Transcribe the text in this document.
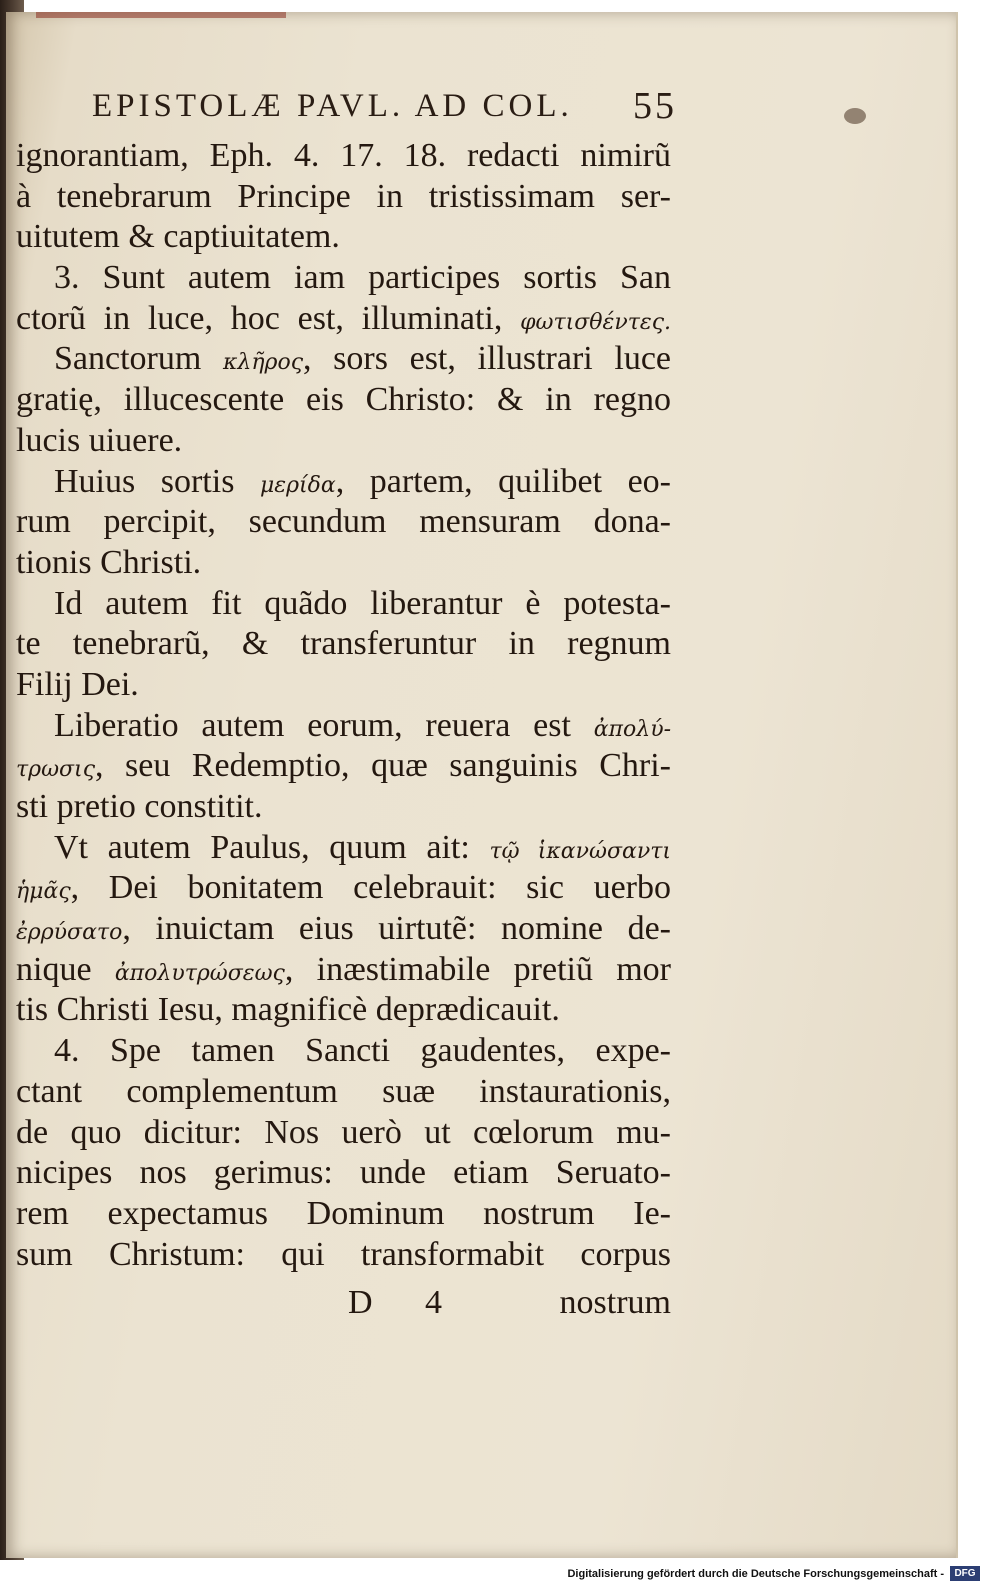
EPISTOLÆ PAVL. AD COL. 55
ignorantiam, Eph. 4. 17. 18. redacti nimirũ
à tenebrarum Principe in tristissimam ser-
uitutem & captiuitatem.
3. Sunt autem iam participes sortis San
ctorũ in luce, hoc est, illuminati, φωτισθέντες.
Sanctorum κλῆρος, sors est, illustrari luce
gratię, illucescente eis Christo: & in regno
lucis uiuere.
Huius sortis μερίδα, partem, quilibet eo-
rum percipit, secundum mensuram dona-
tionis Christi.
Id autem fit quãdo liberantur è potesta-
te tenebrarũ, & transferuntur in regnum
Filij Dei.
Liberatio autem eorum, reuera est ἀπολύ-
τρωσις, seu Redemptio, quæ sanguinis Chri-
sti pretio constitit.
Vt autem Paulus, quum ait: τῷ ἱκανώσαντι
ἡμᾶς, Dei bonitatem celebrauit: sic uerbo
ἐρρύσατο, inuictam eius uirtutẽ: nomine de-
nique ἀπολυτρώσεως, inæstimabile pretiũ mor
tis Christi Iesu, magnificè deprædicauit.
4. Spe tamen Sancti gaudentes, expe-
ctant complementum suæ instaurationis,
de quo dicitur: Nos uerò ut cœlorum mu-
nicipes nos gerimus: unde etiam Seruato-
rem expectamus Dominum nostrum Ie-
sum Christum: qui transformabit corpus
D 4	nostrum
Digitalisierung gefördert durch die Deutsche Forschungsgemeinschaft -	DFG
